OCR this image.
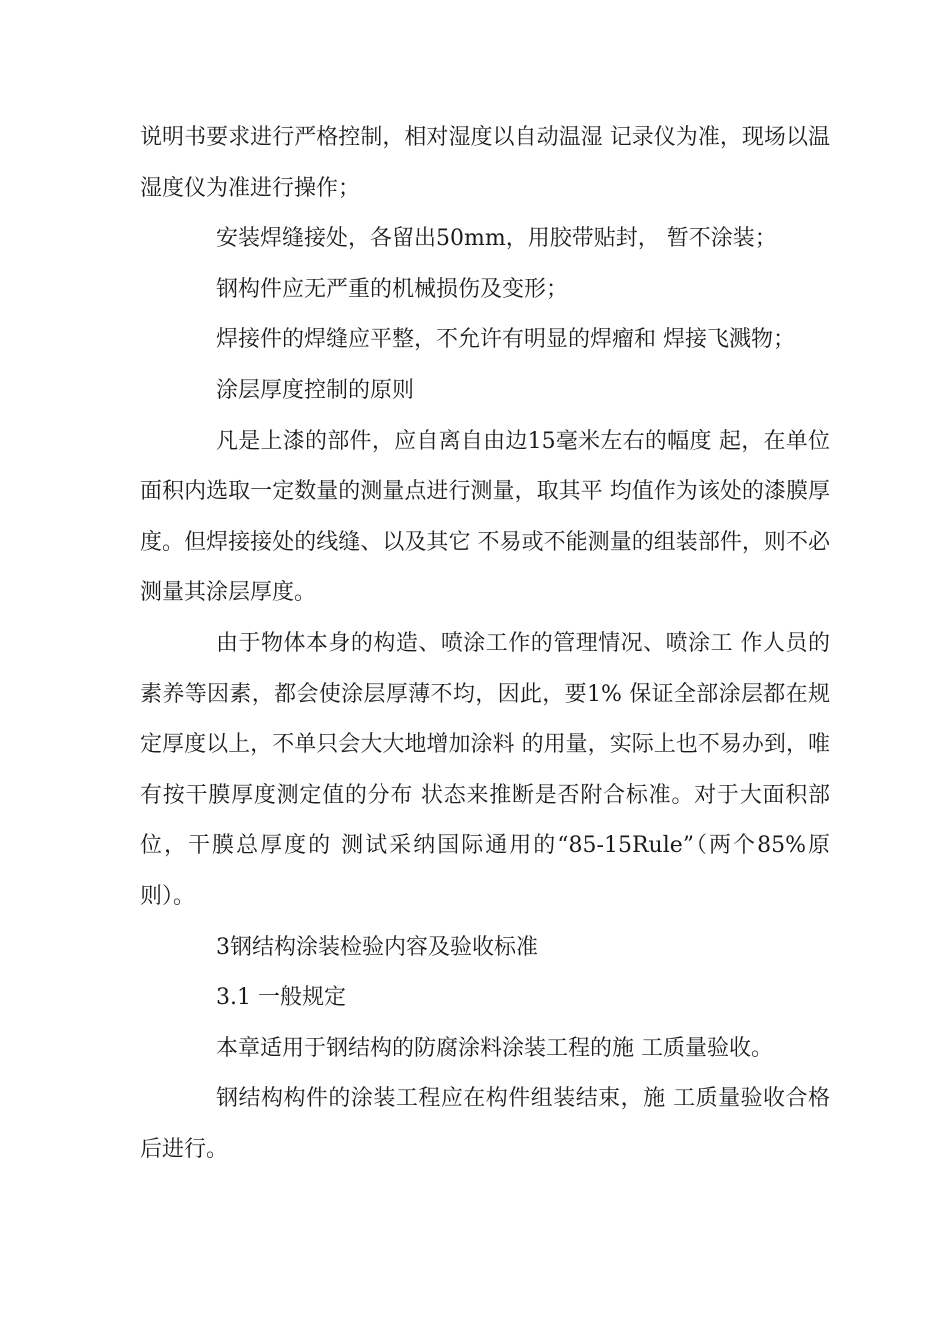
说明书要求进行严格控制，相对湿度以自动温湿 记录仪为准，现场以温湿度仪为准进行操作；

安装焊缝接处，各留出50mm，用胶带贴封， 暂不涂装；

钢构件应无严重的机械损伤及变形；

焊接件的焊缝应平整，不允许有明显的焊瘤和 焊接飞溅物；

涂层厚度控制的原则

凡是上漆的部件，应自离自由边15毫米左右的幅度 起，在单位面积内选取一定数量的测量点进行测量，取其平 均值作为该处的漆膜厚度。但焊接接处的线缝、以及其它 不易或不能测量的组装部件，则不必测量其涂层厚度。

由于物体本身的构造、喷涂工作的管理情况、喷涂工 作人员的素养等因素，都会使涂层厚薄不均，因此，要1% 保证全部涂层都在规定厚度以上，不单只会大大地增加涂料 的用量，实际上也不易办到，唯有按干膜厚度测定值的分布 状态来推断是否附合标准。对于大面积部位，干膜总厚度的 测试采纳国际通用的“85-15Rule”（两个85%原则）。

3钢结构涂装检验内容及验收标准

3.1 一般规定

本章适用于钢结构的防腐涂料涂装工程的施 工质量验收。

钢结构构件的涂装工程应在构件组装结束，施 工质量验收合格后进行。
